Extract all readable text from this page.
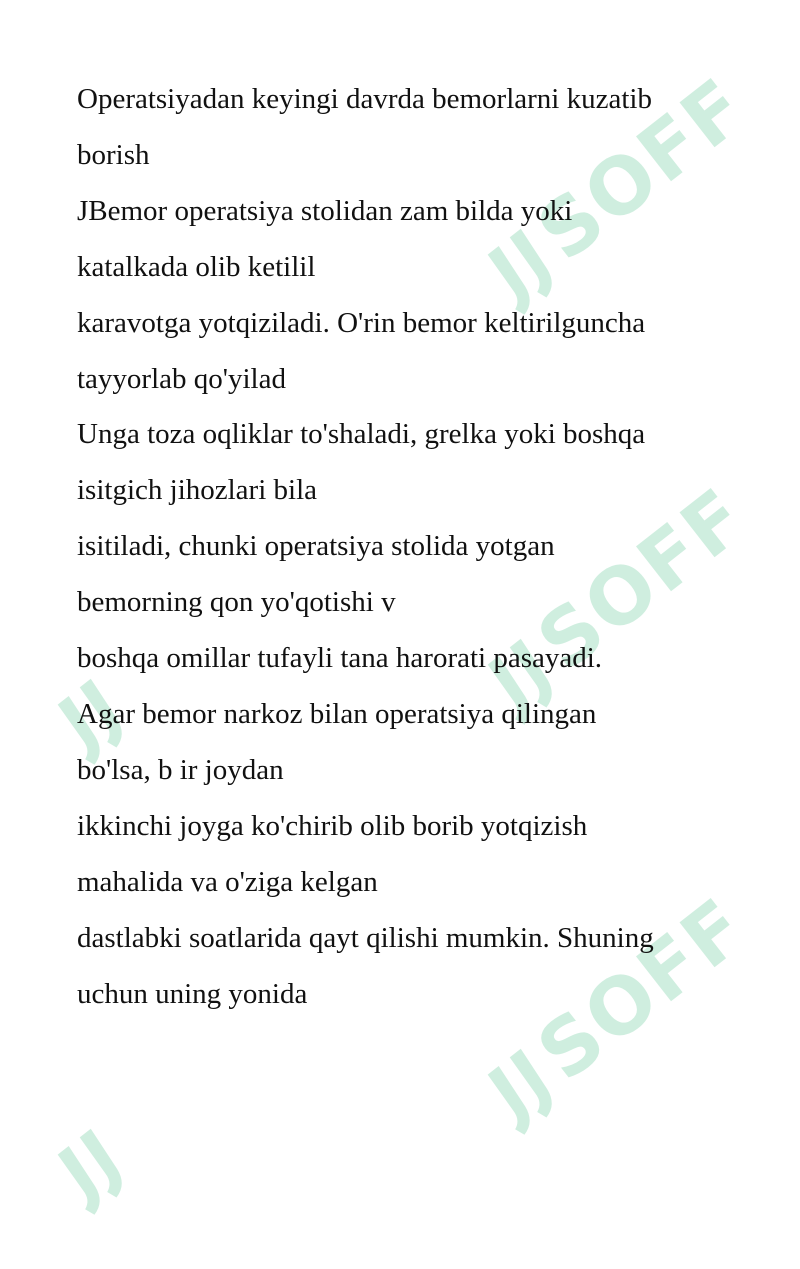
SOFF
SOFF
SOFF
Operatsiyadan keyingi davrda bemorlarni kuzatib
borish
JBemor operatsiya stolidan zam bilda yoki
katalkada olib ketilil
karavotga yotqiziladi. O'rin bemor keltirilguncha
tayyorlab qo'yilad
Unga toza oqliklar to'shaladi, grelka yoki boshqa
isitgich jihozlari bila
isitiladi, chunki operatsiya stolida yotgan
bemorning qon yo'qotishi v
boshqa omillar tufayli tana harorati pasayadi.
Agar bemor narkoz bilan operatsiya qilingan
bo'lsa, b ir joydan
ikkinchi joyga ko'chirib olib borib yotqizish
mahalida va o'ziga kelgan
dastlabki soatlarida qayt qilishi mumkin. Shuning
uchun uning yonida
